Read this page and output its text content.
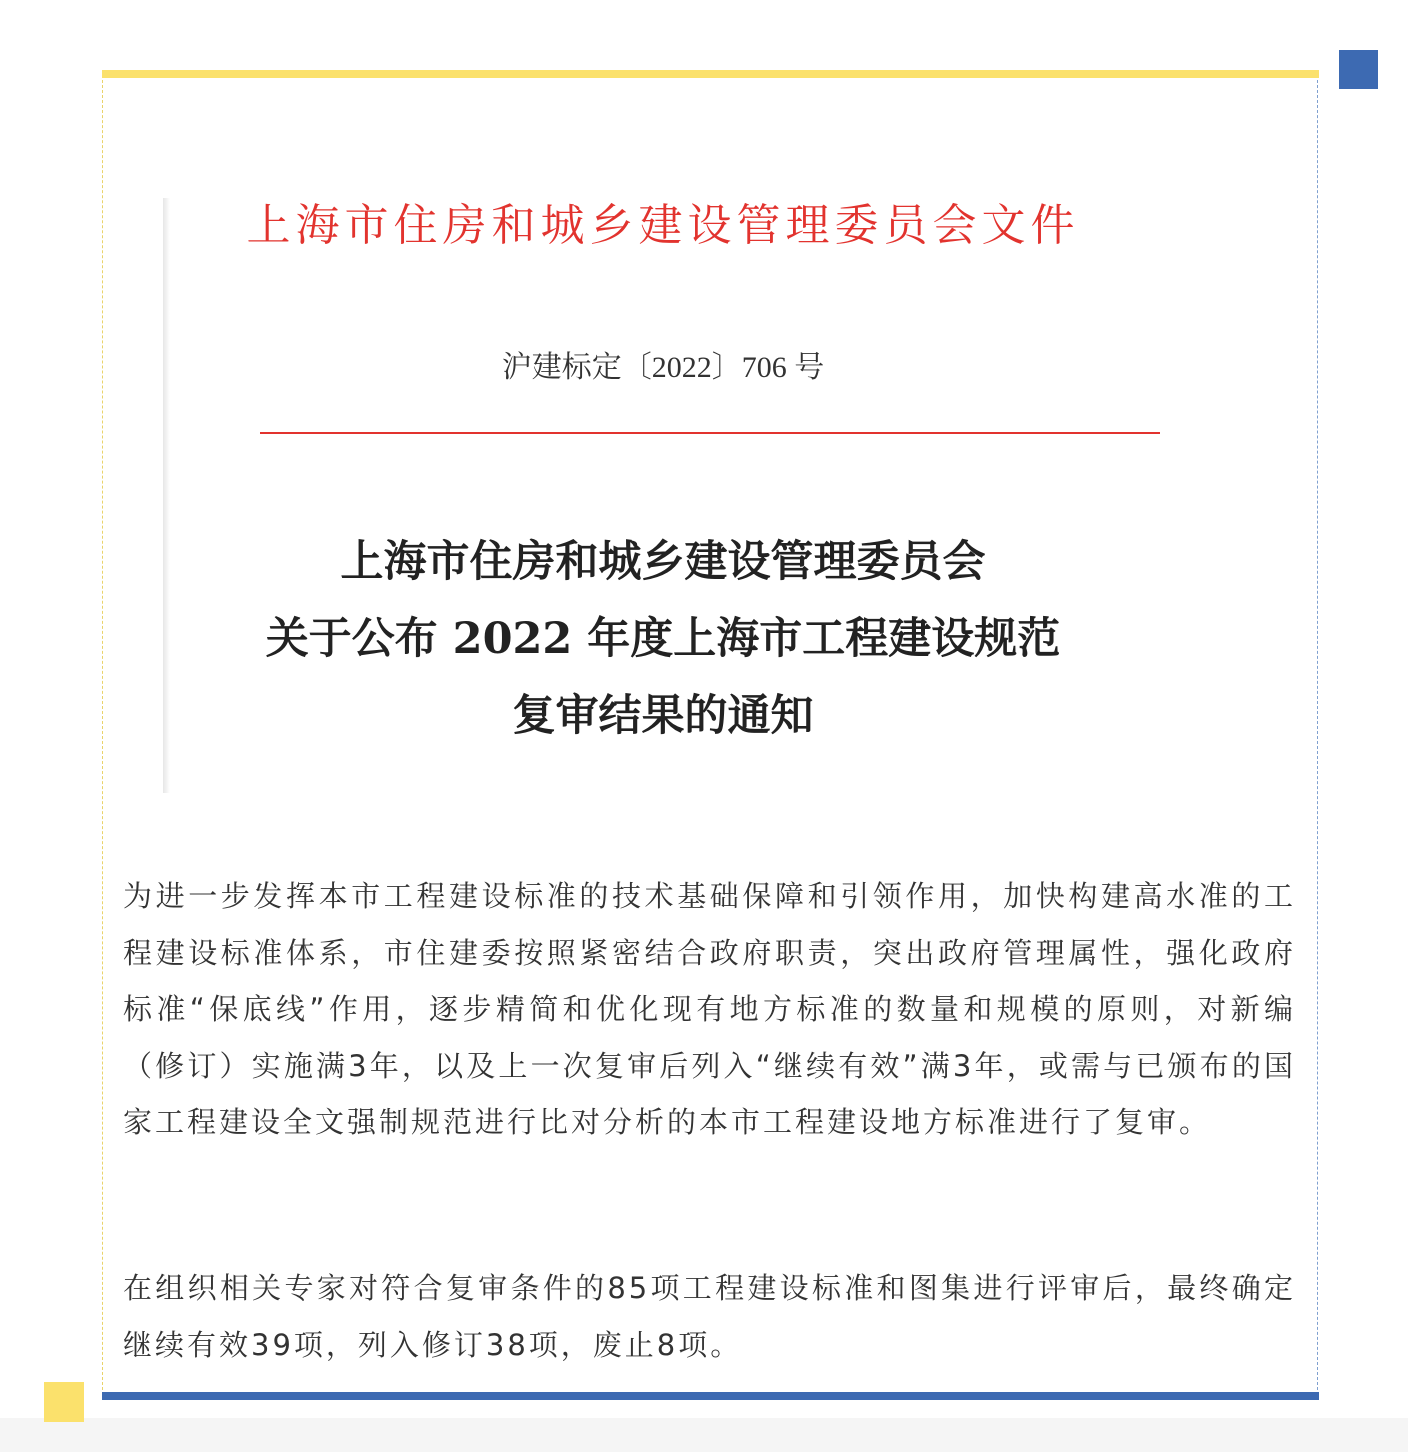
上海市住房和城乡建设管理委员会文件
沪建标定〔2022〕706 号
上海市住房和城乡建设管理委员会
关于公布 2022 年度上海市工程建设规范
复审结果的通知

为进一步发挥本市工程建设标准的技术基础保障和引领作用，加快构建高水准的工程建设标准体系，市住建委按照紧密结合政府职责，突出政府管理属性，强化政府标准“保底线”作用，逐步精简和优化现有地方标准的数量和规模的原则，对新编（修订）实施满3年，以及上一次复审后列入“继续有效”满3年，或需与已颁布的国家工程建设全文强制规范进行比对分析的本市工程建设地方标准进行了复审。

在组织相关专家对符合复审条件的85项工程建设标准和图集进行评审后，最终确定继续有效39项，列入修订38项，废止8项。
